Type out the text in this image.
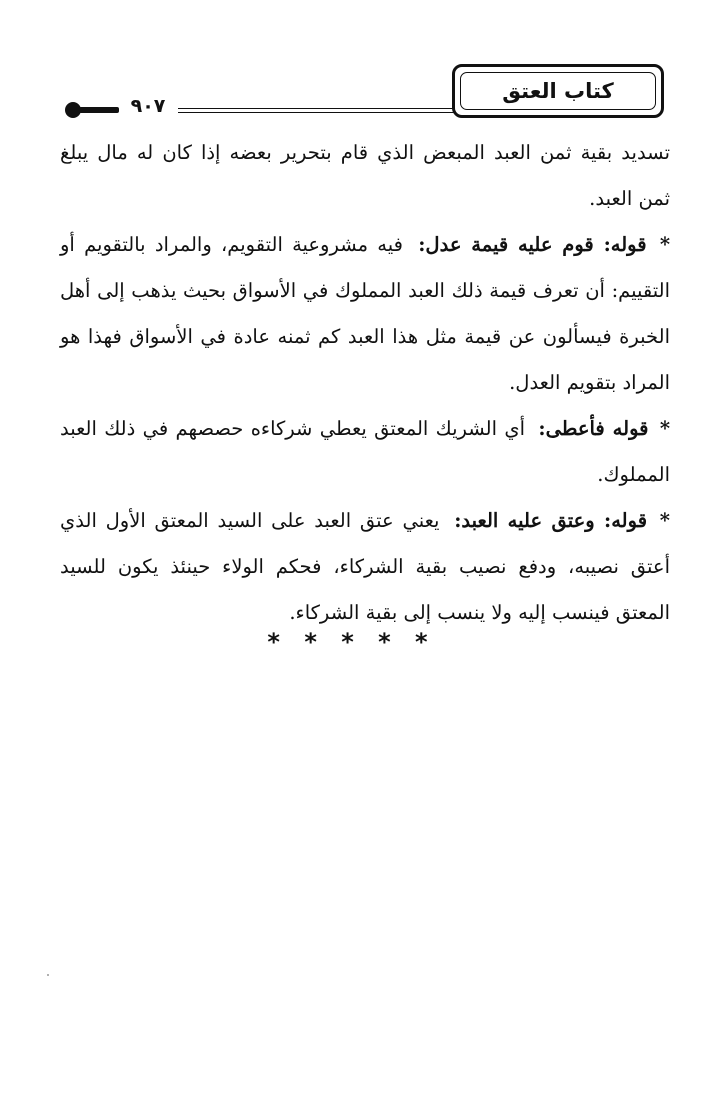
كتاب العتق
٩٠٧

تسديد بقية ثمن العبد المبعض الذي قام بتحرير بعضه إذا كان له مال يبلغ ثمن العبد.

* قوله: قوم عليه قيمة عدل: فيه مشروعية التقويم، والمراد بالتقويم أو التقييم: أن تعرف قيمة ذلك العبد المملوك في الأسواق بحيث يذهب إلى أهل الخبرة فيسألون عن قيمة مثل هذا العبد كم ثمنه عادة في الأسواق فهذا هو المراد بتقويم العدل.

* قوله فأعطى: أي الشريك المعتق يعطي شركاءه حصصهم في ذلك العبد المملوك.

* قوله: وعتق عليه العبد: يعني عتق العبد على السيد المعتق الأول الذي أعتق نصيبه، ودفع نصيب بقية الشركاء، فحكم الولاء حينئذ يكون للسيد المعتق فينسب إليه ولا ينسب إلى بقية الشركاء.

* * * * *
